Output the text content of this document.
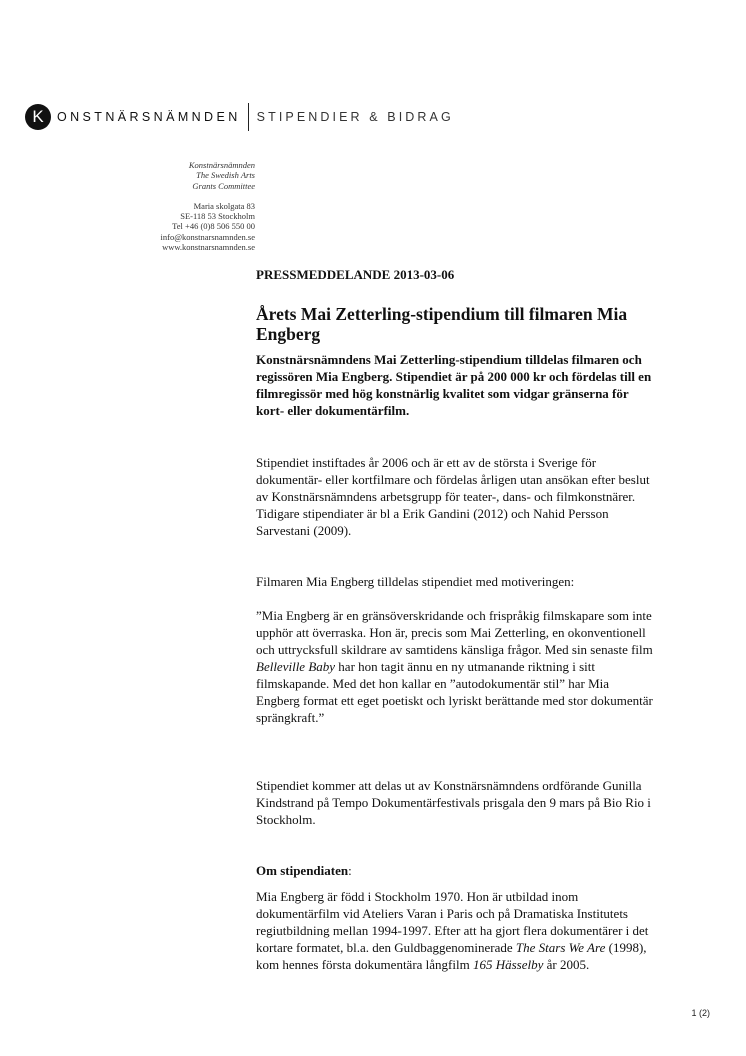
K	ONSTNÄRSNÄMNDEN STIPENDIER & BIDRAG
Konstnärsnämnden
The Swedish Arts
Grants Committee
Maria skolgata 83
SE-118 53 Stockholm
Tel +46 (0)8 506 550 00
info@konstnarsnamnden.se
www.konstnarsnamnden.se

PRESSMEDDELANDE 2013-03-06

Årets Mai Zetterling-stipendium till filmaren Mia Engberg

Konstnärsnämndens Mai Zetterling-stipendium tilldelas filmaren och regissören Mia Engberg. Stipendiet är på 200 000 kr och fördelas till en filmregissör med hög konstnärlig kvalitet som vidgar gränserna för kort- eller dokumentärfilm.

Stipendiet instiftades år 2006 och är ett av de största i Sverige för dokumentär- eller kortfilmare och fördelas årligen utan ansökan efter beslut av Konstnärsnämndens arbetsgrupp för teater-, dans- och filmkonstnärer. Tidigare stipendiater är bl a Erik Gandini (2012) och Nahid Persson Sarvestani (2009).

Filmaren Mia Engberg tilldelas stipendiet med motiveringen:

”Mia Engberg är en gränsöverskridande och frispråkig filmskapare som inte upphör att överraska. Hon är, precis som Mai Zetterling, en okonventionell och uttrycksfull skildrare av samtidens känsliga frågor. Med sin senaste film Belleville Baby har hon tagit ännu en ny utmanande riktning i sitt filmskapande. Med det hon kallar en ”autodokumentär stil” har Mia Engberg format ett eget poetiskt och lyriskt berättande med stor dokumentär sprängkraft.”

Stipendiet kommer att delas ut av Konstnärsnämndens ordförande Gunilla Kindstrand på Tempo Dokumentärfestivals prisgala den 9 mars på Bio Rio i Stockholm.

Om stipendiaten:

Mia Engberg är född i Stockholm 1970. Hon är utbildad inom dokumentärfilm vid Ateliers Varan i Paris och på Dramatiska Institutets regiutbildning mellan 1994-1997. Efter att ha gjort flera dokumentärer i det kortare formatet, bl.a. den Guldbaggenominerade The Stars We Are (1998), kom hennes första dokumentära långfilm 165 Hässelby år 2005.

1 (2)
